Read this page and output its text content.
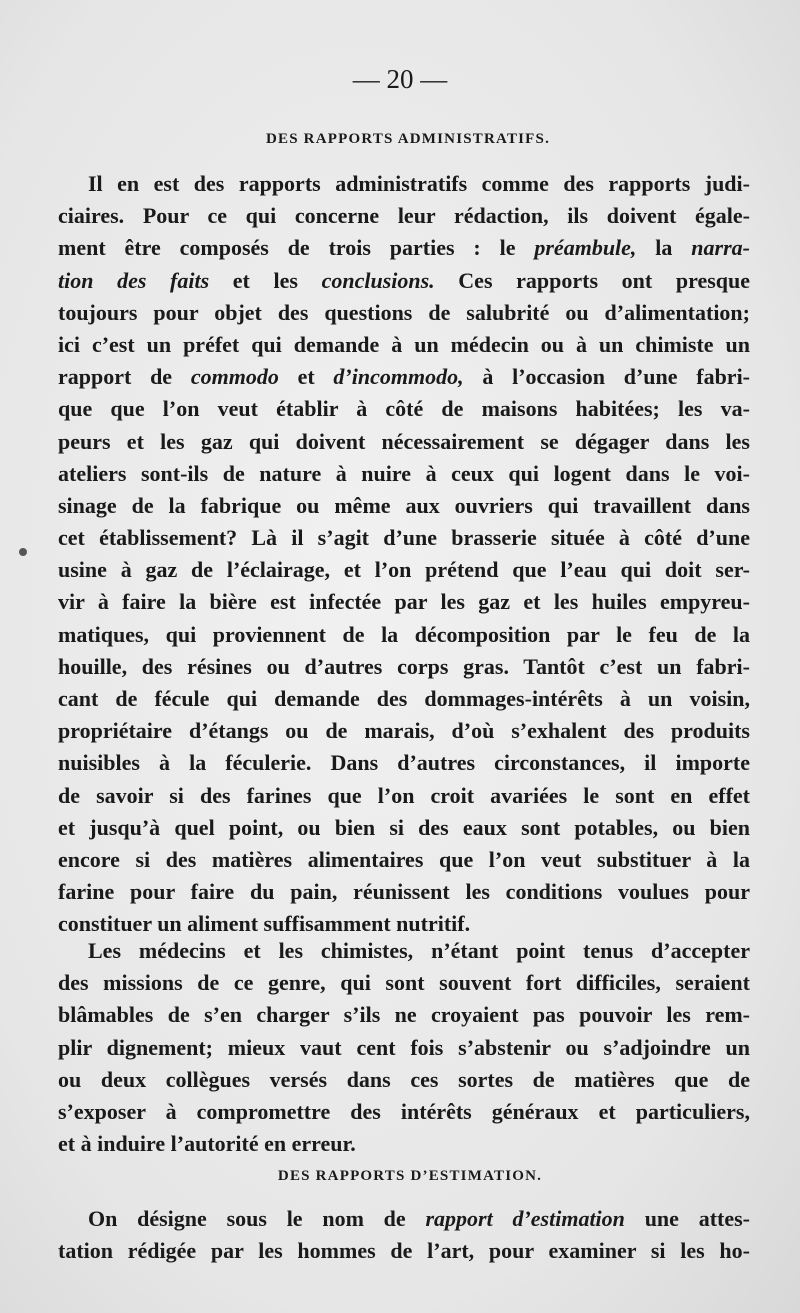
— 20 —
DES RAPPORTS ADMINISTRATIFS.
Il en est des rapports administratifs comme des rapports judi-
ciaires. Pour ce qui concerne leur rédaction, ils doivent égale-
ment être composés de trois parties : le préambule, la narra-
tion des faits et les conclusions. Ces rapports ont presque
toujours pour objet des questions de salubrité ou d’alimentation;
ici c’est un préfet qui demande à un médecin ou à un chimiste un
rapport de commodo et d’incommodo, à l’occasion d’une fabri-
que que l’on veut établir à côté de maisons habitées; les va-
peurs et les gaz qui doivent nécessairement se dégager dans les
ateliers sont-ils de nature à nuire à ceux qui logent dans le voi-
sinage de la fabrique ou même aux ouvriers qui travaillent dans
cet établissement? Là il s’agit d’une brasserie située à côté d’une
usine à gaz de l’éclairage, et l’on prétend que l’eau qui doit ser-
vir à faire la bière est infectée par les gaz et les huiles empyreu-
matiques, qui proviennent de la décomposition par le feu de la
houille, des résines ou d’autres corps gras. Tantôt c’est un fabri-
cant de fécule qui demande des dommages-intérêts à un voisin,
propriétaire d’étangs ou de marais, d’où s’exhalent des produits
nuisibles à la féculerie. Dans d’autres circonstances, il importe
de savoir si des farines que l’on croit avariées le sont en effet
et jusqu’à quel point, ou bien si des eaux sont potables, ou bien
encore si des matières alimentaires que l’on veut substituer à la
farine pour faire du pain, réunissent les conditions voulues pour
constituer un aliment suffisamment nutritif.
Les médecins et les chimistes, n’étant point tenus d’accepter
des missions de ce genre, qui sont souvent fort difficiles, seraient
blâmables de s’en charger s’ils ne croyaient pas pouvoir les rem-
plir dignement; mieux vaut cent fois s’abstenir ou s’adjoindre un
ou deux collègues versés dans ces sortes de matières que de
s’exposer à compromettre des intérêts généraux et particuliers,
et à induire l’autorité en erreur.
DES RAPPORTS D’ESTIMATION.
On désigne sous le nom de rapport d’estimation une attes-
tation rédigée par les hommes de l’art, pour examiner si les ho-
